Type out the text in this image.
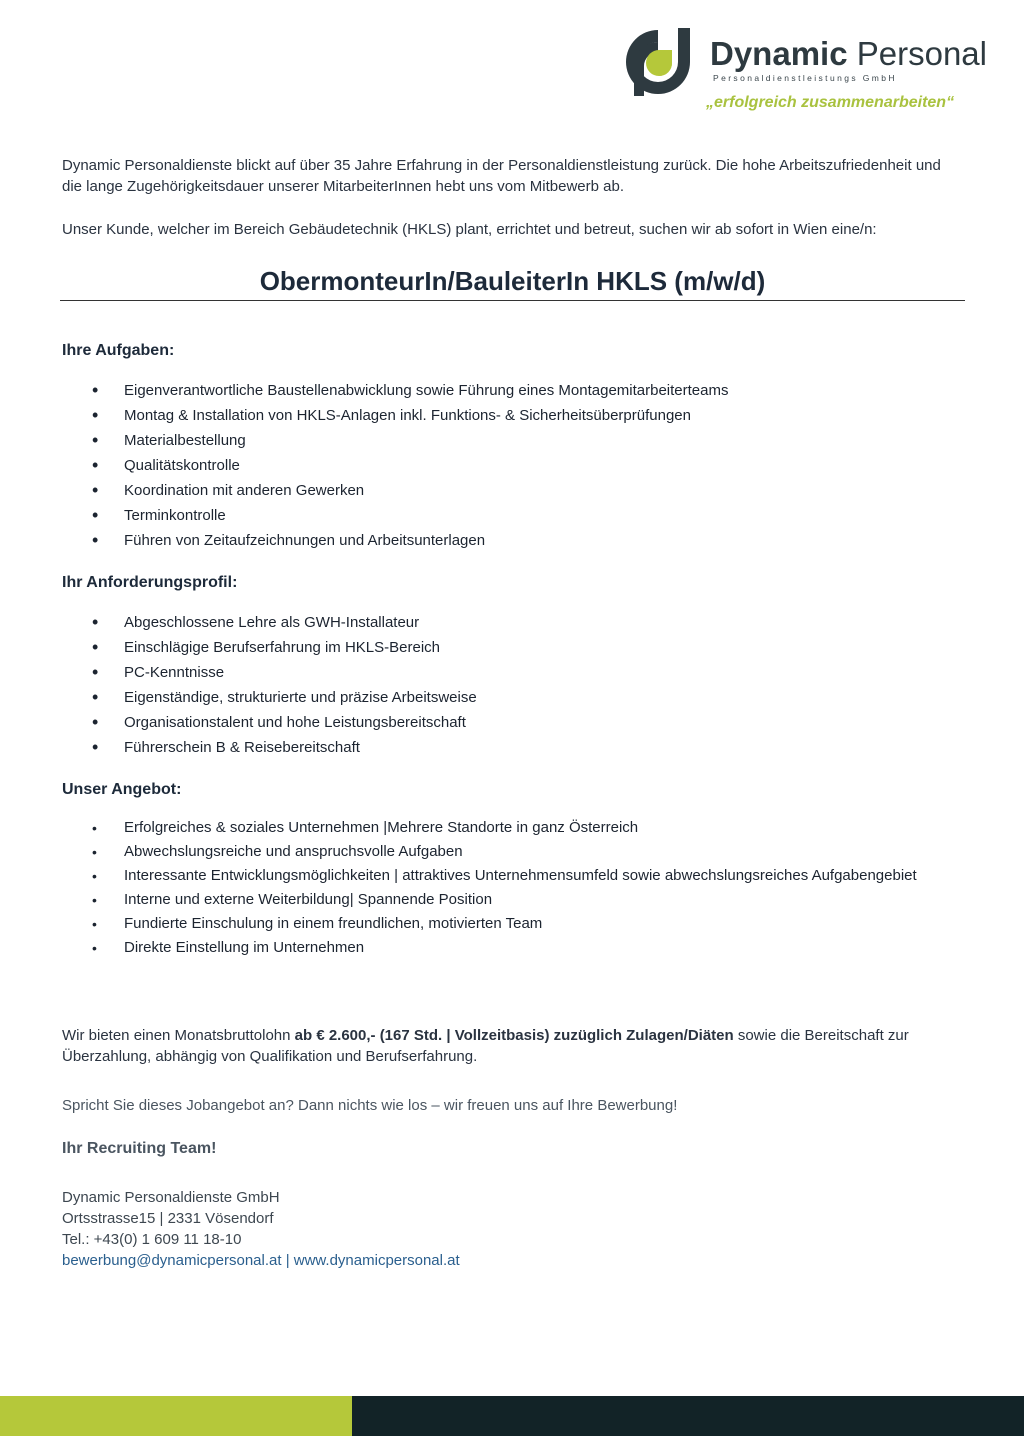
Dynamic Personal
Personaldienstleistungs GmbH
„erfolgreich zusammenarbeiten“
Dynamic Personaldienste blickt auf über 35 Jahre Erfahrung in der Personaldienstleistung zurück. Die hohe Arbeitszufriedenheit und die lange Zugehörigkeitsdauer unserer MitarbeiterInnen hebt uns vom Mitbewerb ab.
Unser Kunde, welcher im Bereich Gebäudetechnik (HKLS) plant, errichtet und betreut, suchen wir ab sofort in Wien eine/n:
ObermonteurIn/BauleiterIn HKLS (m/w/d)
Ihre Aufgaben:
• Eigenverantwortliche Baustellenabwicklung sowie Führung eines Montagemitarbeiterteams
• Montag & Installation von HKLS-Anlagen inkl. Funktions- & Sicherheitsüberprüfungen
• Materialbestellung
• Qualitätskontrolle
• Koordination mit anderen Gewerken
• Terminkontrolle
• Führen von Zeitaufzeichnungen und Arbeitsunterlagen
Ihr Anforderungsprofil:
• Abgeschlossene Lehre als GWH-Installateur
• Einschlägige Berufserfahrung im HKLS-Bereich
• PC-Kenntnisse
• Eigenständige, strukturierte und präzise Arbeitsweise
• Organisationstalent und hohe Leistungsbereitschaft
• Führerschein B & Reisebereitschaft
Unser Angebot:
• Erfolgreiches & soziales Unternehmen |Mehrere Standorte in ganz Österreich
• Abwechslungsreiche und anspruchsvolle Aufgaben
• Interessante Entwicklungsmöglichkeiten | attraktives Unternehmensumfeld sowie abwechslungsreiches Aufgabengebiet
• Interne und externe Weiterbildung| Spannende Position
• Fundierte Einschulung in einem freundlichen, motivierten Team
• Direkte Einstellung im Unternehmen
Wir bieten einen Monatsbruttolohn ab € 2.600,- (167 Std. | Vollzeitbasis) zuzüglich Zulagen/Diäten sowie die Bereitschaft zur Überzahlung, abhängig von Qualifikation und Berufserfahrung.
Spricht Sie dieses Jobangebot an? Dann nichts wie los – wir freuen uns auf Ihre Bewerbung!
Ihr Recruiting Team!
Dynamic Personaldienste GmbH
Ortsstrasse15 | 2331 Vösendorf
Tel.: +43(0) 1 609 11 18-10
bewerbung@dynamicpersonal.at | www.dynamicpersonal.at
